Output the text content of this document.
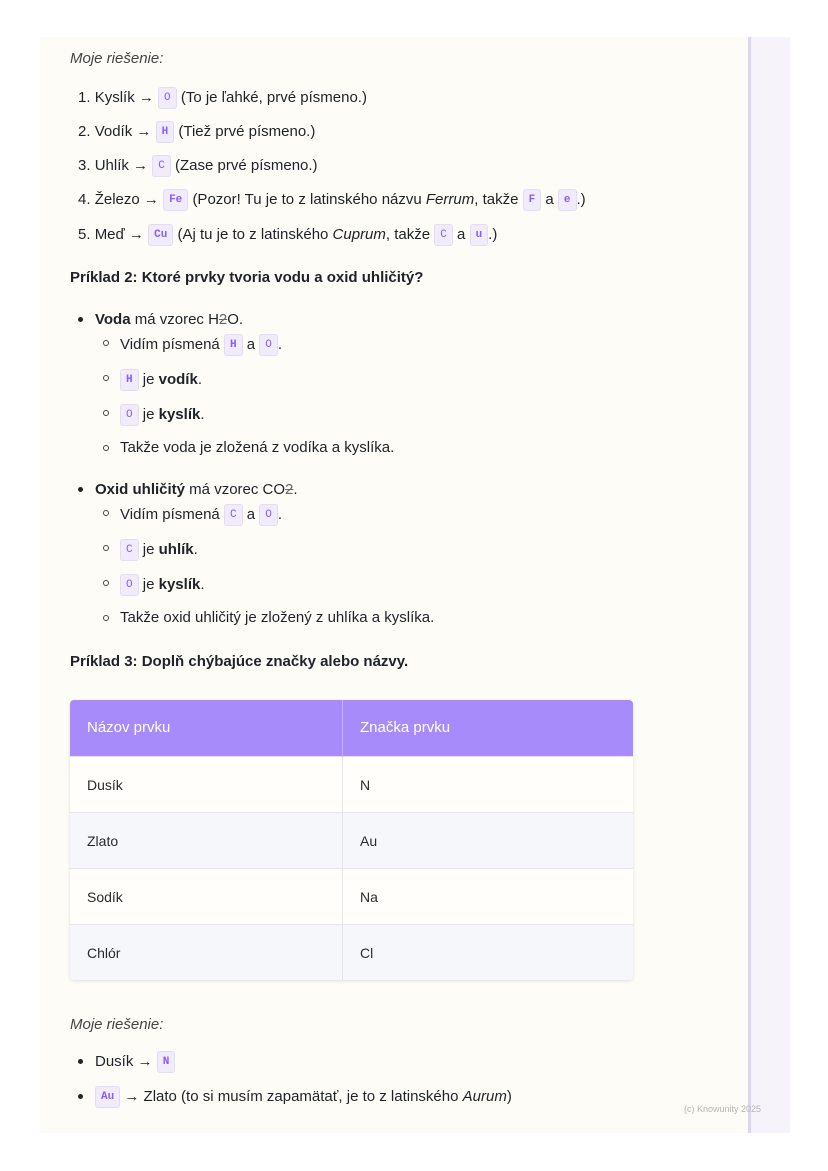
Moje riešenie:
1. Kyslík → O (To je ľahké, prvé písmeno.)
2. Vodík → H (Tiež prvé písmeno.)
3. Uhlík → C (Zase prvé písmeno.)
4. Železo → Fe (Pozor! Tu je to z latinského názvu Ferrum, takže F a e .)
5. Meď → Cu (Aj tu je to z latinského Cuprum, takže C a u .)
Príklad 2: Ktoré prvky tvoria vodu a oxid uhličitý?
Voda má vzorec H2O.
Vidím písmená H a O .
H je vodík.
O je kyslík.
Takže voda je zložená z vodíka a kyslíka.
Oxid uhličitý má vzorec CO2.
Vidím písmená C a O .
C je uhlík.
O je kyslík.
Takže oxid uhličitý je zložený z uhlíka a kyslíka.
Príklad 3: Doplň chýbajúce značky alebo názvy.
Názov prvku	Značka prvku
Dusík	N
Zlato	Au
Sodík	Na
Chlór	Cl
Moje riešenie:
Dusík → N
Au → Zlato (to si musím zapamätať, je to z latinského Aurum)
(c) Knowunity 2025
